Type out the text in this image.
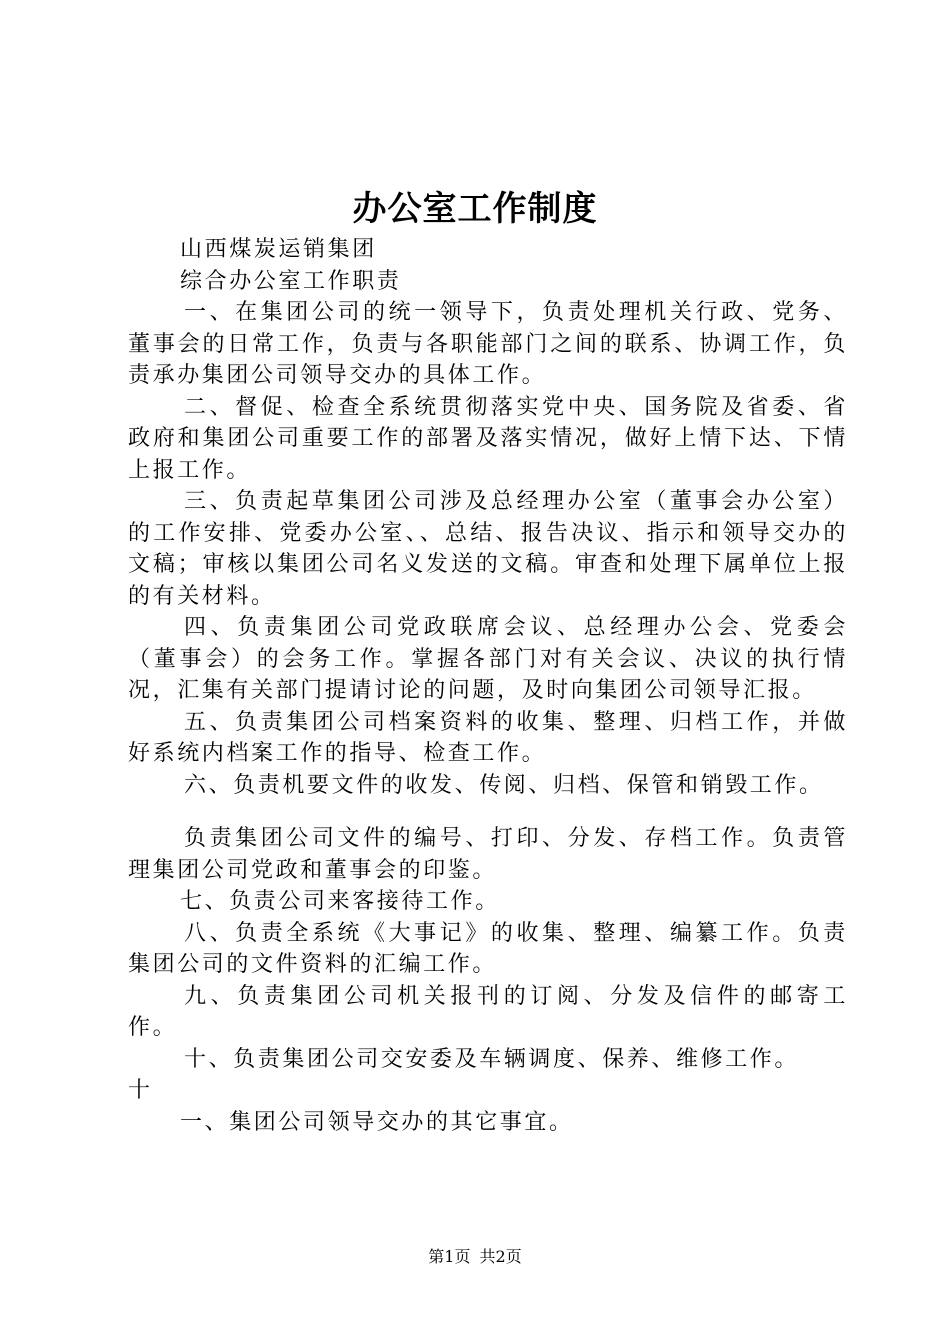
办公室工作制度

山西煤炭运销集团

综合办公室工作职责

一、在集团公司的统一领导下，负责处理机关行政、党务、董事会的日常工作，负责与各职能部门之间的联系、协调工作，负责承办集团公司领导交办的具体工作。

二、督促、检查全系统贯彻落实党中央、国务院及省委、省政府和集团公司重要工作的部署及落实情况，做好上情下达、下情上报工作。

三、负责起草集团公司涉及总经理办公室（董事会办公室）的工作安排、党委办公室、、总结、报告决议、指示和领导交办的文稿；审核以集团公司名义发送的文稿。审查和处理下属单位上报的有关材料。

四、负责集团公司党政联席会议、总经理办公会、党委会（董事会）的会务工作。掌握各部门对有关会议、决议的执行情况，汇集有关部门提请讨论的问题，及时向集团公司领导汇报。

五、负责集团公司档案资料的收集、整理、归档工作，并做好系统内档案工作的指导、检查工作。

六、负责机要文件的收发、传阅、归档、保管和销毁工作。

负责集团公司文件的编号、打印、分发、存档工作。负责管理集团公司党政和董事会的印鉴。

七、负责公司来客接待工作。

八、负责全系统《大事记》的收集、整理、编纂工作。负责集团公司的文件资料的汇编工作。

九、负责集团公司机关报刊的订阅、分发及信件的邮寄工作。

十、负责集团公司交安委及车辆调度、保养、维修工作。

十

一、集团公司领导交办的其它事宜。

第1页 共2页
